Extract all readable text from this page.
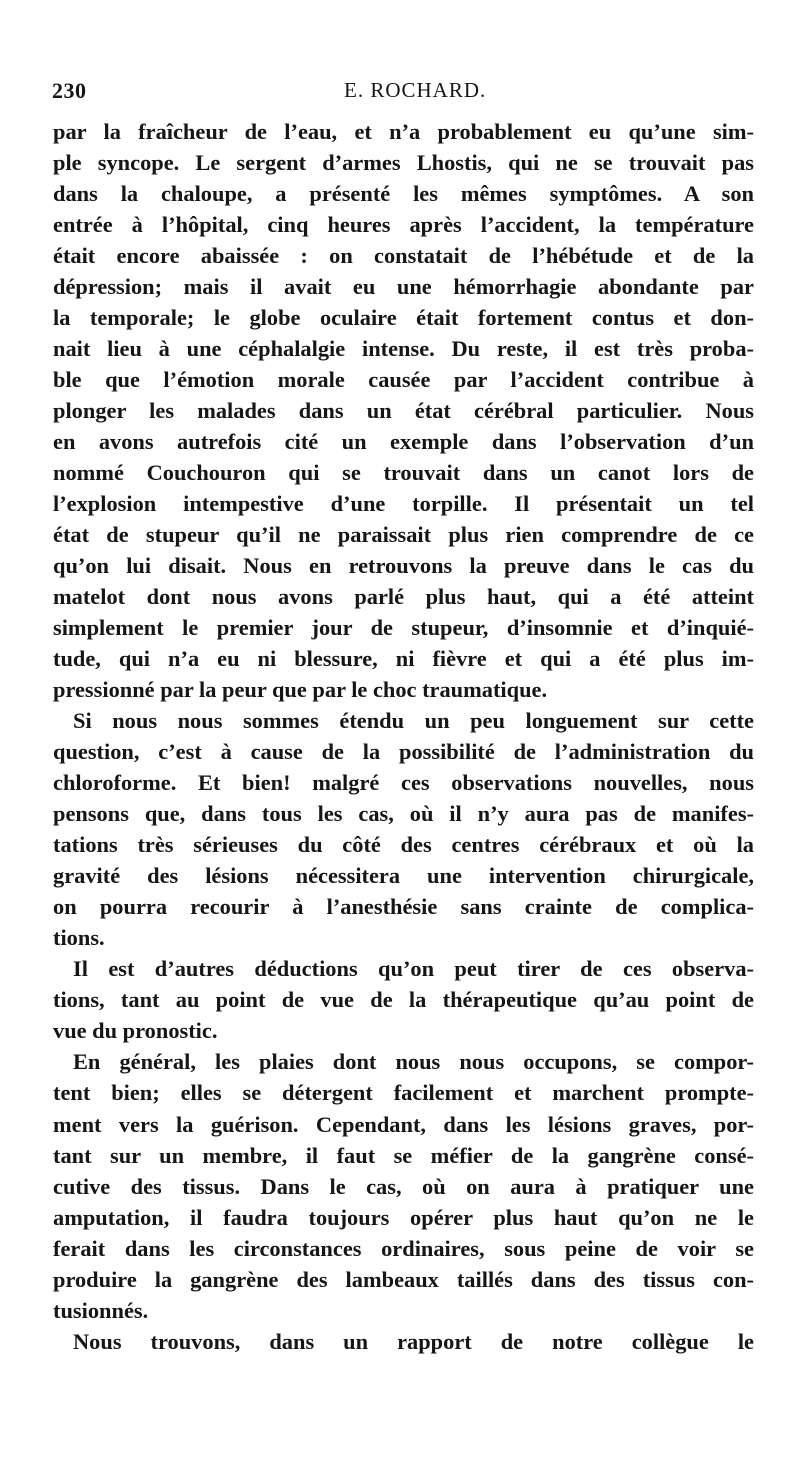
230	E. ROCHARD.
par la fraîcheur de l’eau, et n’a probablement eu qu’une sim-
ple syncope. Le sergent d’armes Lhostis, qui ne se trouvait pas
dans la chaloupe, a présenté les mêmes symptômes. A son
entrée à l’hôpital, cinq heures après l’accident, la température
était encore abaissée : on constatait de l’hébétude et de la
dépression; mais il avait eu une hémorrhagie abondante par
la temporale; le globe oculaire était fortement contus et don-
nait lieu à une céphalalgie intense. Du reste, il est très proba-
ble que l’émotion morale causée par l’accident contribue à
plonger les malades dans un état cérébral particulier. Nous
en avons autrefois cité un exemple dans l’observation d’un
nommé Couchouron qui se trouvait dans un canot lors de
l’explosion intempestive d’une torpille. Il présentait un tel
état de stupeur qu’il ne paraissait plus rien comprendre de ce
qu’on lui disait. Nous en retrouvons la preuve dans le cas du
matelot dont nous avons parlé plus haut, qui a été atteint
simplement le premier jour de stupeur, d’insomnie et d’inquié-
tude, qui n’a eu ni blessure, ni fièvre et qui a été plus im-
pressionné par la peur que par le choc traumatique.
Si nous nous sommes étendu un peu longuement sur cette
question, c’est à cause de la possibilité de l’administration du
chloroforme. Et bien! malgré ces observations nouvelles, nous
pensons que, dans tous les cas, où il n’y aura pas de manifes-
tations très sérieuses du côté des centres cérébraux et où la
gravité des lésions nécessitera une intervention chirurgicale,
on pourra recourir à l’anesthésie sans crainte de complica-
tions.
Il est d’autres déductions qu’on peut tirer de ces observa-
tions, tant au point de vue de la thérapeutique qu’au point de
vue du pronostic.
En général, les plaies dont nous nous occupons, se compor-
tent bien; elles se détergent facilement et marchent prompte-
ment vers la guérison. Cependant, dans les lésions graves, por-
tant sur un membre, il faut se méfier de la gangrène consé-
cutive des tissus. Dans le cas, où on aura à pratiquer une
amputation, il faudra toujours opérer plus haut qu’on ne le
ferait dans les circonstances ordinaires, sous peine de voir se
produire la gangrène des lambeaux taillés dans des tissus con-
tusionnés.
Nous trouvons, dans un rapport de notre collègue le
